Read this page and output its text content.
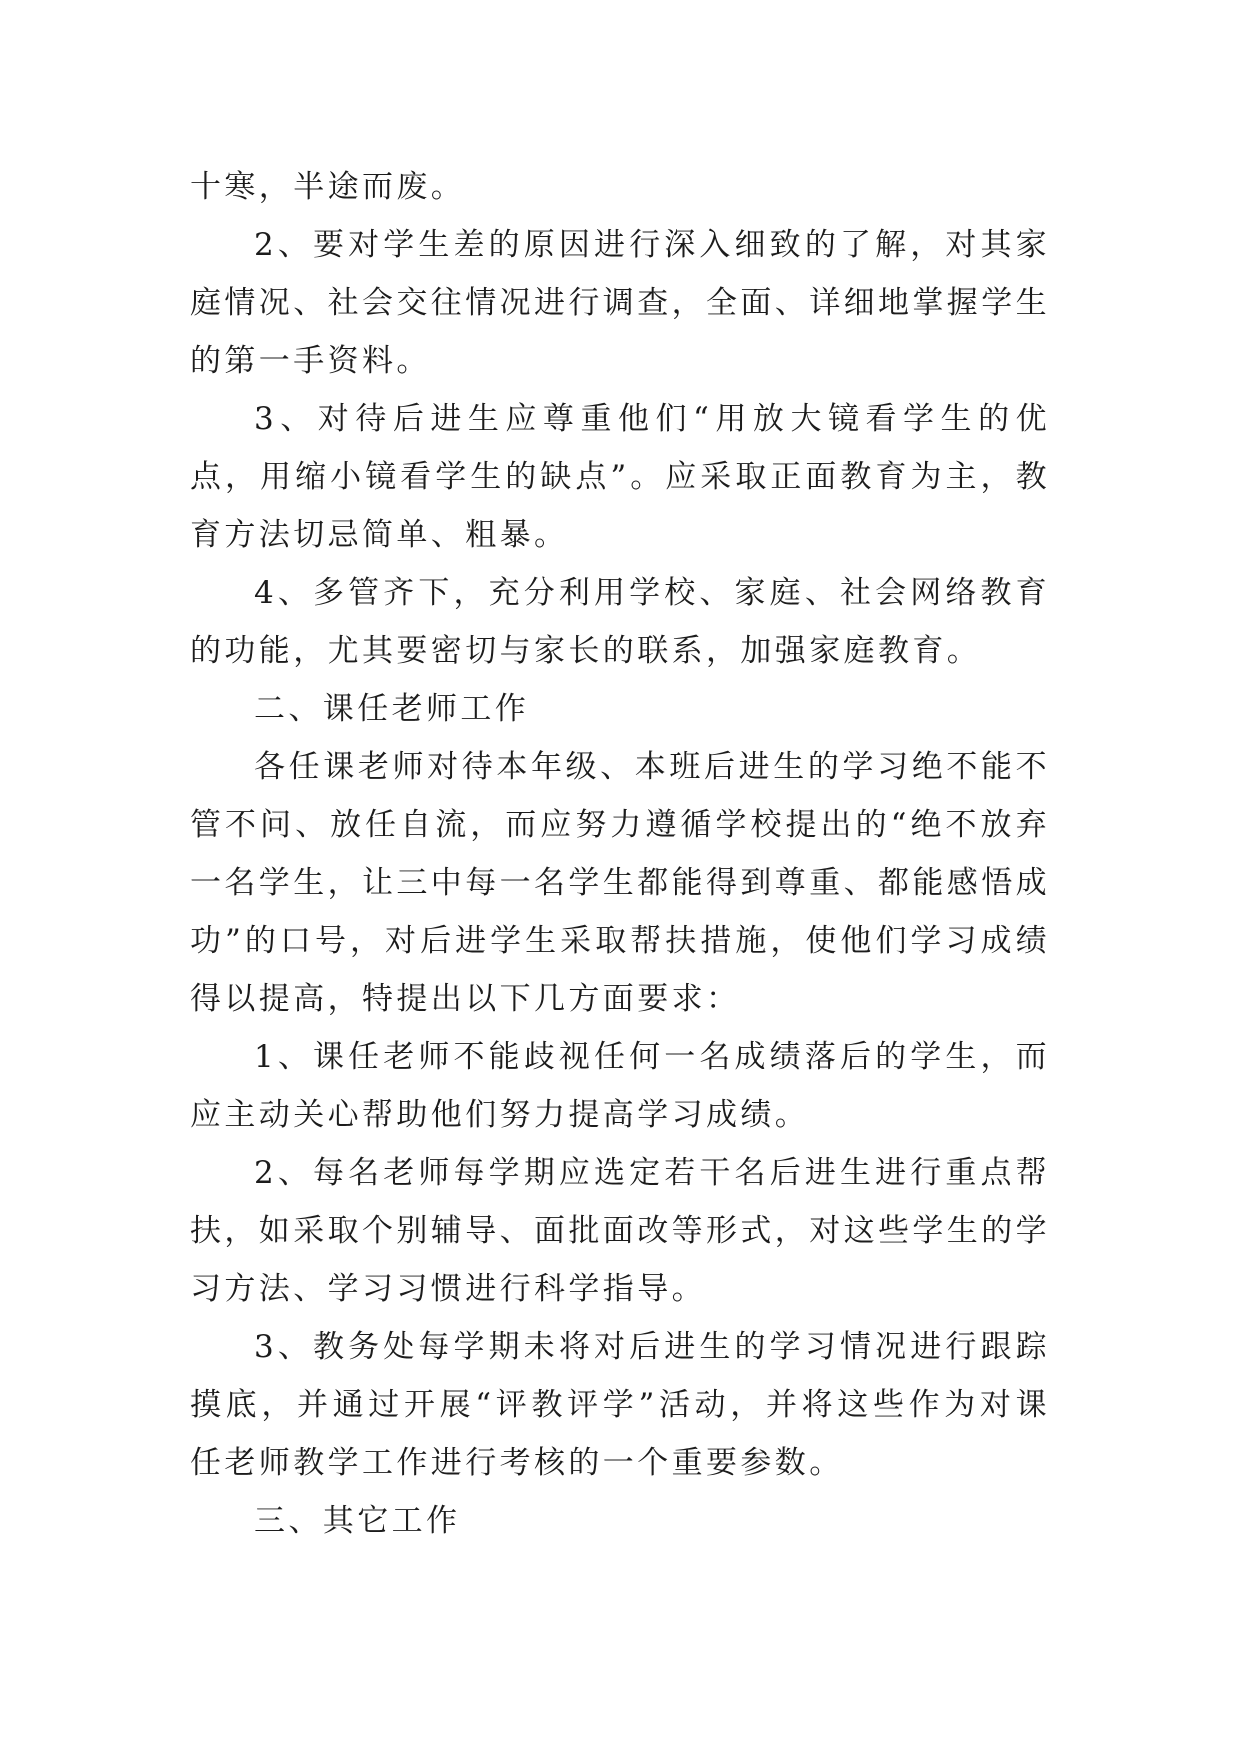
十寒，半途而废。

2、要对学生差的原因进行深入细致的了解，对其家庭情况、社会交往情况进行调查，全面、详细地掌握学生的第一手资料。

3、对待后进生应尊重他们“用放大镜看学生的优点，用缩小镜看学生的缺点”。应采取正面教育为主，教育方法切忌简单、粗暴。

4、多管齐下，充分利用学校、家庭、社会网络教育的功能，尤其要密切与家长的联系，加强家庭教育。

二、课任老师工作

各任课老师对待本年级、本班后进生的学习绝不能不管不问、放任自流，而应努力遵循学校提出的“绝不放弃一名学生，让三中每一名学生都能得到尊重、都能感悟成功”的口号，对后进学生采取帮扶措施，使他们学习成绩得以提高，特提出以下几方面要求：

1、课任老师不能歧视任何一名成绩落后的学生，而应主动关心帮助他们努力提高学习成绩。

2、每名老师每学期应选定若干名后进生进行重点帮扶，如采取个别辅导、面批面改等形式，对这些学生的学习方法、学习习惯进行科学指导。

3、教务处每学期未将对后进生的学习情况进行跟踪摸底，并通过开展“评教评学”活动，并将这些作为对课任老师教学工作进行考核的一个重要参数。

三、其它工作
